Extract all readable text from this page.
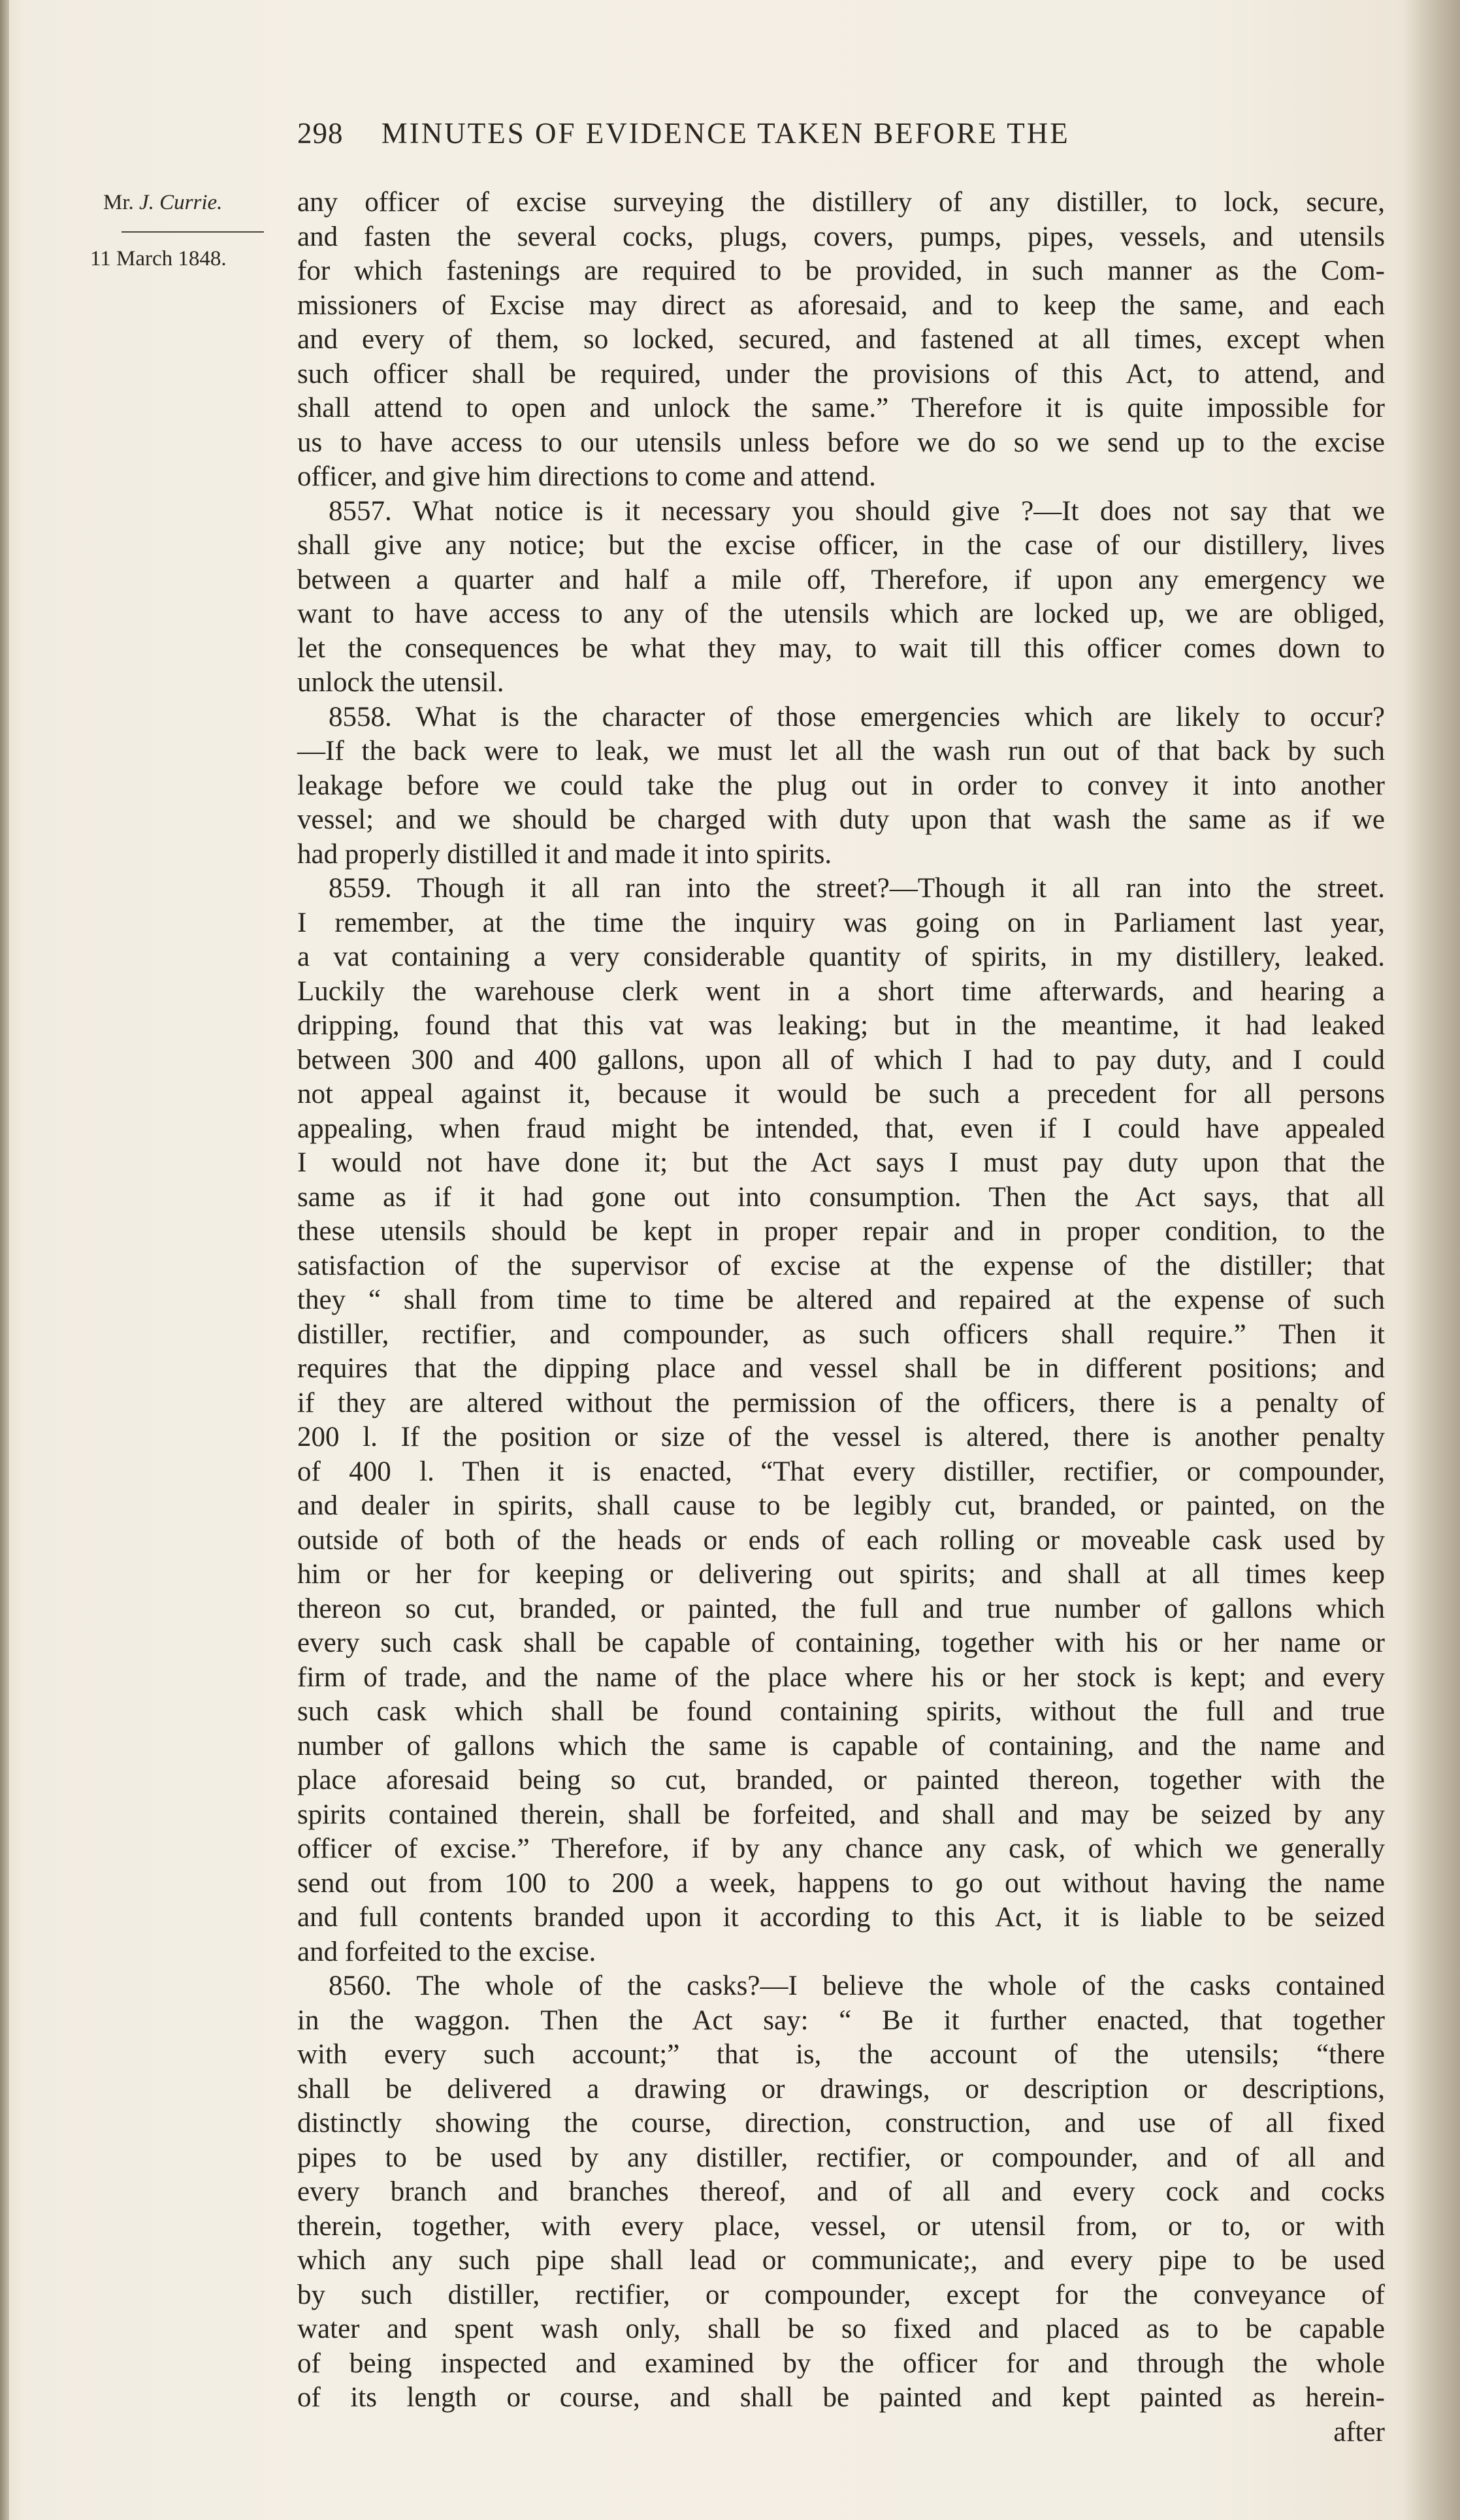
298 MINUTES OF EVIDENCE TAKEN BEFORE THE
Mr. J. Currie.
11 March 1848.
any officer of excise surveying the distillery of any distiller, to lock, secure,
and fasten the several cocks, plugs, covers, pumps, pipes, vessels, and utensils
for which fastenings are required to be provided, in such manner as the Com-
missioners of Excise may direct as aforesaid, and to keep the same, and each
and every of them, so locked, secured, and fastened at all times, except when
such officer shall be required, under the provisions of this Act, to attend, and
shall attend to open and unlock the same.” Therefore it is quite impossible for
us to have access to our utensils unless before we do so we send up to the excise
officer, and give him directions to come and attend.
8557. What notice is it necessary you should give ?—It does not say that we
shall give any notice; but the excise officer, in the case of our distillery, lives
between a quarter and half a mile off, Therefore, if upon any emergency we
want to have access to any of the utensils which are locked up, we are obliged,
let the consequences be what they may, to wait till this officer comes down to
unlock the utensil.
8558. What is the character of those emergencies which are likely to occur?
—If the back were to leak, we must let all the wash run out of that back by such
leakage before we could take the plug out in order to convey it into another
vessel; and we should be charged with duty upon that wash the same as if we
had properly distilled it and made it into spirits.
8559. Though it all ran into the street?—Though it all ran into the street.
I remember, at the time the inquiry was going on in Parliament last year,
a vat containing a very considerable quantity of spirits, in my distillery, leaked.
Luckily the warehouse clerk went in a short time afterwards, and hearing a
dripping, found that this vat was leaking; but in the meantime, it had leaked
between 300 and 400 gallons, upon all of which I had to pay duty, and I could
not appeal against it, because it would be such a precedent for all persons
appealing, when fraud might be intended, that, even if I could have appealed
I would not have done it; but the Act says I must pay duty upon that the
same as if it had gone out into consumption. Then the Act says, that all
these utensils should be kept in proper repair and in proper condition, to the
satisfaction of the supervisor of excise at the expense of the distiller; that
they “ shall from time to time be altered and repaired at the expense of such
distiller, rectifier, and compounder, as such officers shall require.” Then it
requires that the dipping place and vessel shall be in different positions; and
if they are altered without the permission of the officers, there is a penalty of
200 l. If the position or size of the vessel is altered, there is another penalty
of 400 l. Then it is enacted, “That every distiller, rectifier, or compounder,
and dealer in spirits, shall cause to be legibly cut, branded, or painted, on the
outside of both of the heads or ends of each rolling or moveable cask used by
him or her for keeping or delivering out spirits; and shall at all times keep
thereon so cut, branded, or painted, the full and true number of gallons which
every such cask shall be capable of containing, together with his or her name or
firm of trade, and the name of the place where his or her stock is kept; and every
such cask which shall be found containing spirits, without the full and true
number of gallons which the same is capable of containing, and the name and
place aforesaid being so cut, branded, or painted thereon, together with the
spirits contained therein, shall be forfeited, and shall and may be seized by any
officer of excise.” Therefore, if by any chance any cask, of which we generally
send out from 100 to 200 a week, happens to go out without having the name
and full contents branded upon it according to this Act, it is liable to be seized
and forfeited to the excise.
8560. The whole of the casks?—I believe the whole of the casks contained
in the waggon. Then the Act say: “ Be it further enacted, that together
with every such account;” that is, the account of the utensils; “there
shall be delivered a drawing or drawings, or description or descriptions,
distinctly showing the course, direction, construction, and use of all fixed
pipes to be used by any distiller, rectifier, or compounder, and of all and
every branch and branches thereof, and of all and every cock and cocks
therein, together, with every place, vessel, or utensil from, or to, or with
which any such pipe shall lead or communicate;, and every pipe to be used
by such distiller, rectifier, or compounder, except for the conveyance of
water and spent wash only, shall be so fixed and placed as to be capable
of being inspected and examined by the officer for and through the whole
of its length or course, and shall be painted and kept painted as herein-
after
